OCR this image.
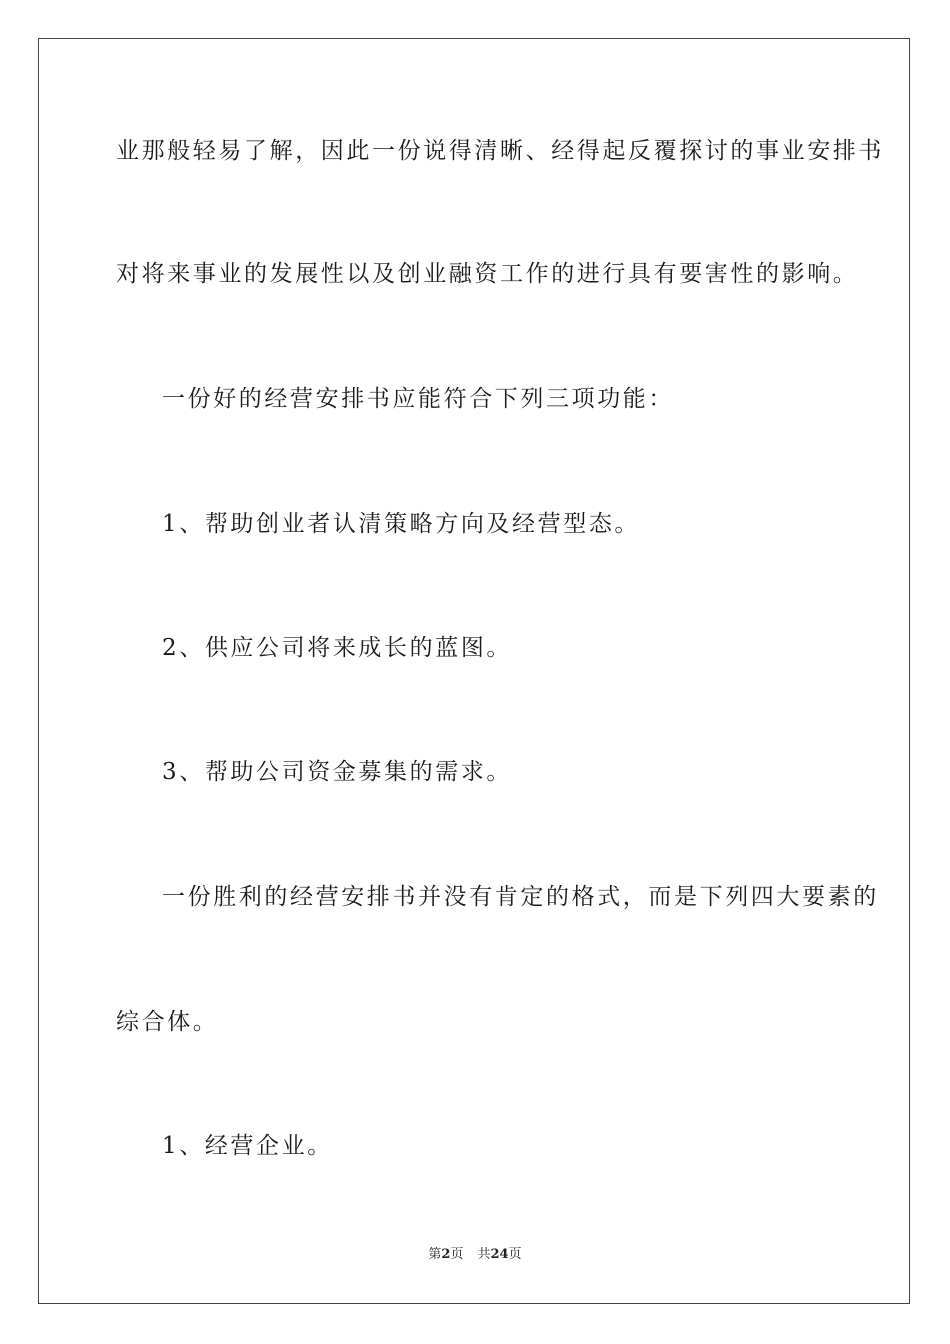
业那般轻易了解，因此一份说得清晰、经得起反覆探讨的事业安排书
对将来事业的发展性以及创业融资工作的进行具有要害性的影响。
一份好的经营安排书应能符合下列三项功能：
1、帮助创业者认清策略方向及经营型态。
2、供应公司将来成长的蓝图。
3、帮助公司资金募集的需求。
一份胜利的经营安排书并没有肯定的格式，而是下列四大要素的
综合体。
1、经营企业。
第2页 共24页
